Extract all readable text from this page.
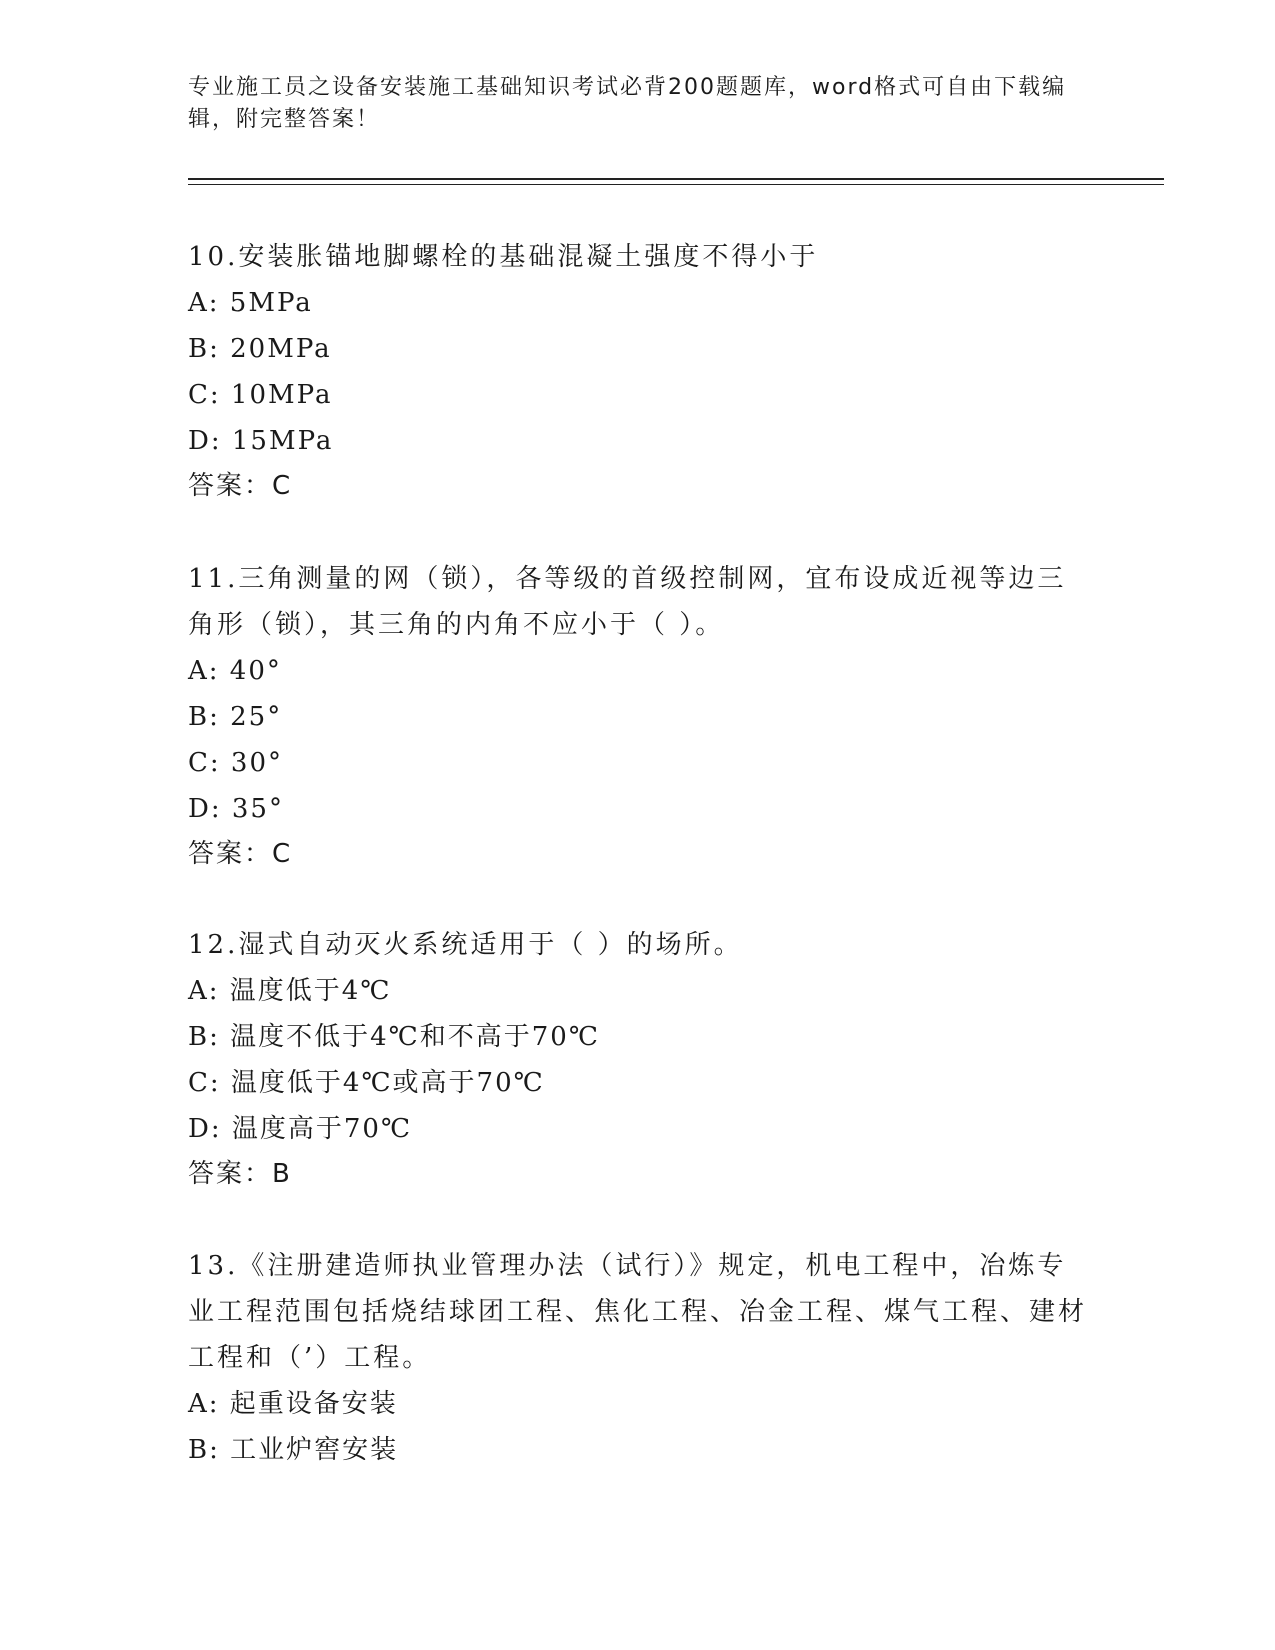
专业施工员之设备安装施工基础知识考试必背200题题库，word格式可自由下载编辑，附完整答案！

10.安装胀锚地脚螺栓的基础混凝土强度不得小于

A: 5MPa

B: 20MPa

C: 10MPa

D: 15MPa

答案：C

11.三角测量的网（锁），各等级的首级控制网，宜布设成近视等边三角形（锁），其三角的内角不应小于（ ）。

A: 40°

B: 25°

C: 30°

D: 35°

答案：C

12.湿式自动灭火系统适用于（ ）的场所。

A: 温度低于4℃

B: 温度不低于4℃和不高于70℃

C: 温度低于4℃或高于70℃

D: 温度高于70℃

答案：B

13.《注册建造师执业管理办法（试行）》规定，机电工程中，冶炼专业工程范围包括烧结球团工程、焦化工程、冶金工程、煤气工程、建材工程和（’）工程。

A: 起重设备安装

B: 工业炉窖安装
